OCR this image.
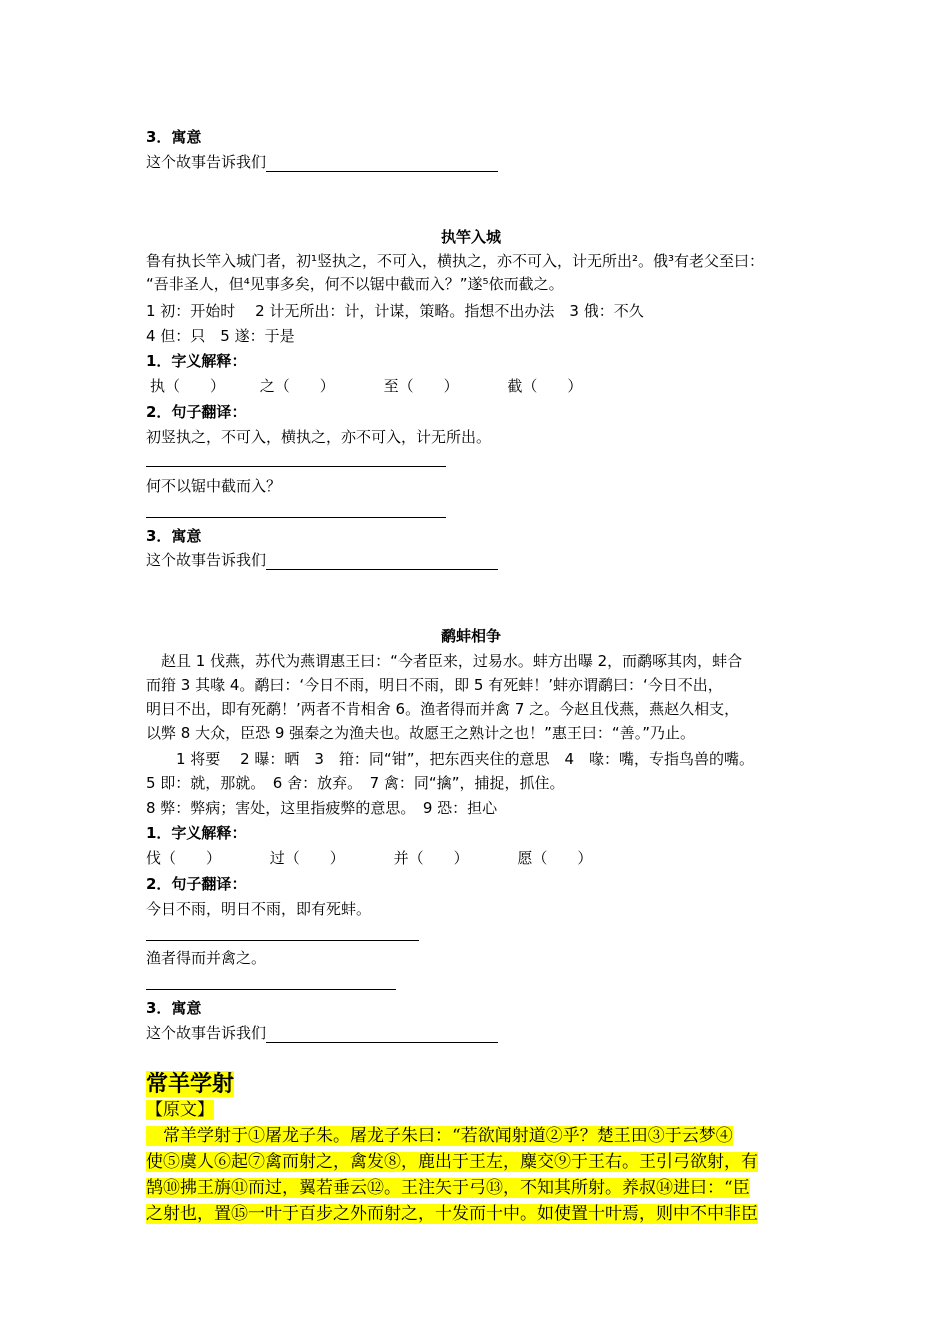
3．寓意
这个故事告诉我们
执竿入城
鲁有执长竿入城门者，初¹竖执之，不可入，横执之，亦不可入，计无所出²。俄³有老父至曰：
“吾非圣人，但⁴见事多矣，何不以锯中截而入？”遂⁵依而截之。
1 初：开始时　 2 计无所出：计，计谋，策略。指想不出办法　3 俄：不久
4 但：只　5 遂：于是
1．字义解释：
执（　　） 之（　　）	至（　　）	截（　　）
2．句子翻译：
初竖执之，不可入，横执之，亦不可入，计无所出。
何不以锯中截而入？
3．寓意
这个故事告诉我们
鹬蚌相争
　赵且 1 伐燕，苏代为燕谓惠王曰：“今者臣来，过易水。蚌方出曝 2，而鹬啄其肉，蚌合
而箝 3 其喙 4。鹬曰：‘今日不雨，明日不雨，即 5 有死蚌！’蚌亦谓鹬曰：‘今日不出，
明日不出，即有死鹬！’两者不肯相舍 6。渔者得而并禽 7 之。今赵且伐燕，燕赵久相支，
以弊 8 大众，臣恐 9 强秦之为渔夫也。故愿王之熟计之也！”惠王曰：“善。”乃止。
　　1 将要　 2 曝：晒　3　箝：同“钳”，把东西夹住的意思　4　喙：嘴，专指鸟兽的嘴。
5 即：就，那就。　6 舍：放弃。　7 禽：同“擒”，捕捉，抓住。
8 弊：弊病；害处，这里指疲弊的意思。　9 恐：担心
1．字义解释：
伐（　　）	过（　　）	并（　　）	愿（　　）
2．句子翻译：
今日不雨，明日不雨，即有死蚌。
渔者得而并禽之。
3．寓意
这个故事告诉我们
常羊学射
【原文】
　常羊学射于①屠龙子朱。屠龙子朱曰：“若欲闻射道②乎？楚王田③于云梦④
使⑤虞人⑥起⑦禽而射之，禽发⑧，鹿出于王左，麋交⑨于王右。王引弓欲射，有
鹄⑩拂王旃⑪而过，翼若垂云⑫。王注矢于弓⑬，不知其所射。养叔⑭进曰：“臣
之射也，置⑮一叶于百步之外而射之，十发而十中。如使置十叶焉，则中不中非臣
